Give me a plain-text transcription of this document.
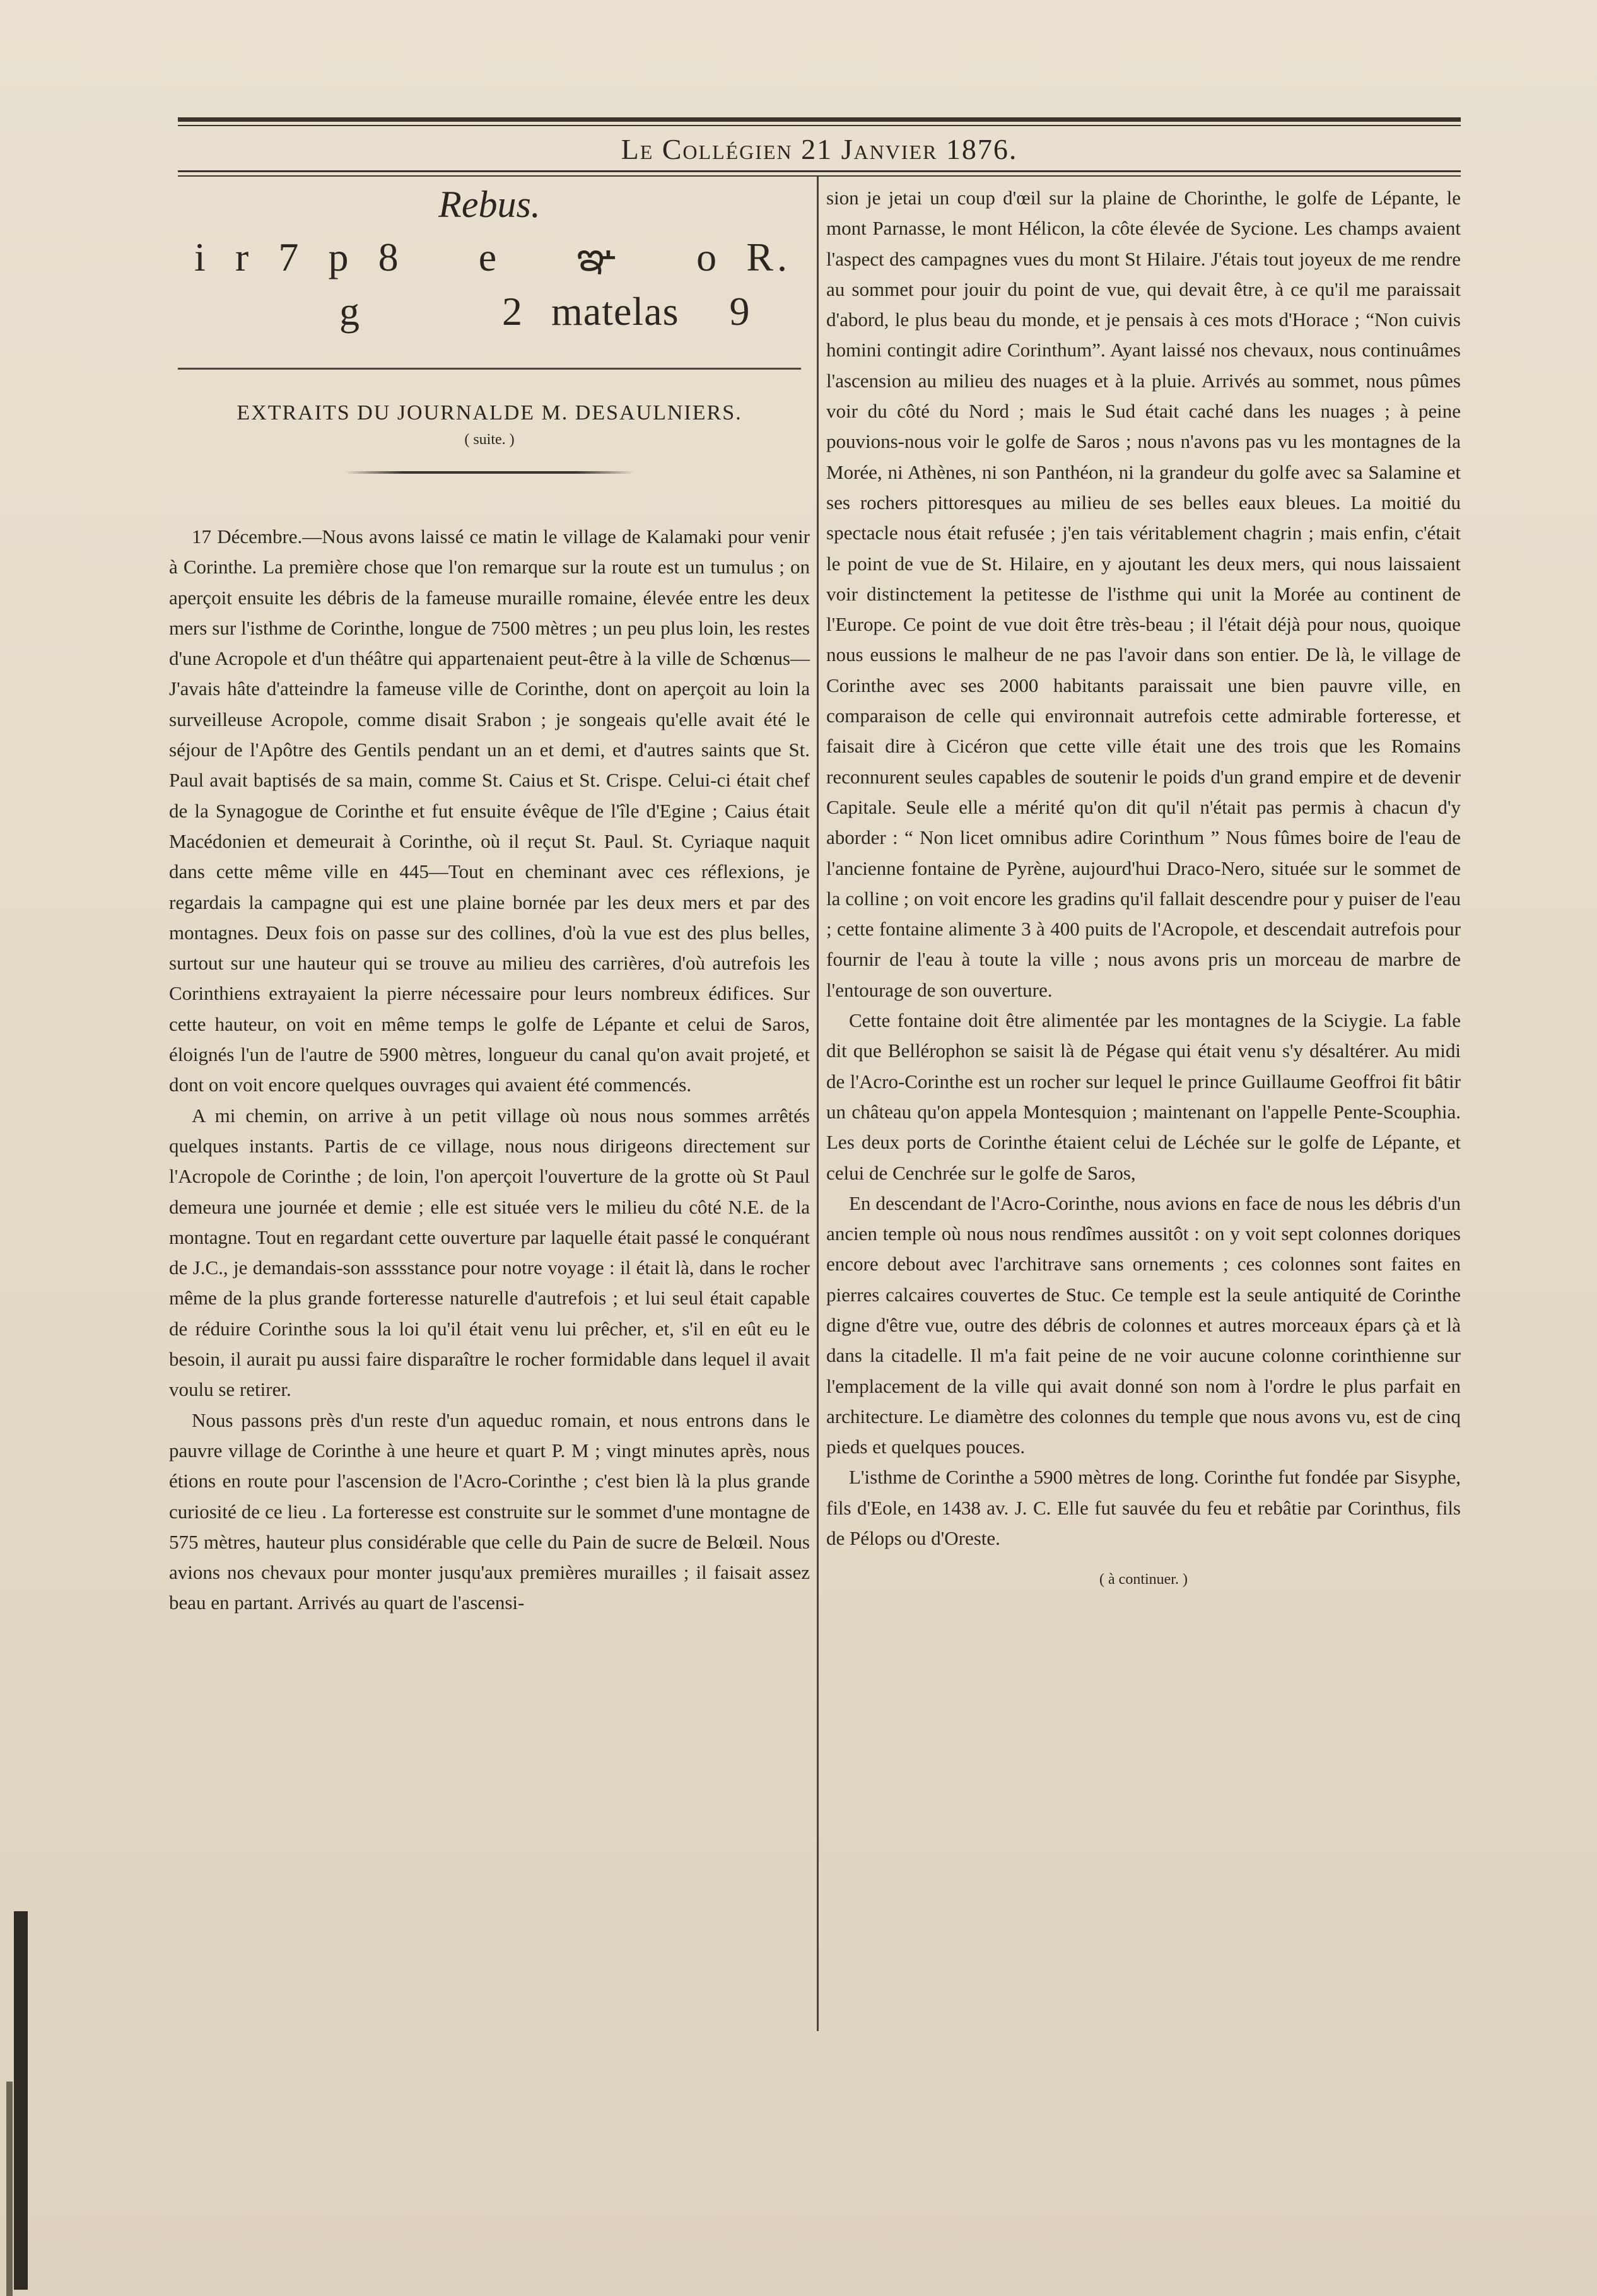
Le Collégien 21 Janvier 1876.
Rebus.
i r 7 p 8 e ఞ o R.
g	2 matelas 9
EXTRAITS DU JOURNALDE M. DESAULNIERS.
( suite. )

17 Décembre.—Nous avons laissé ce matin le village de Kalamaki pour venir à Corinthe. La première chose que l'on remarque sur la route est un tumulus ; on aperçoit ensuite les débris de la fameuse muraille romaine, élevée entre les deux mers sur l'isthme de Corinthe, longue de 7500 mètres ; un peu plus loin, les restes d'une Acropole et d'un théâtre qui appartenaient peut-être à la ville de Schœnus— J'avais hâte d'atteindre la fameuse ville de Corinthe, dont on aperçoit au loin la surveilleuse Acropole, comme disait Srabon ; je songeais qu'elle avait été le séjour de l'Apôtre des Gentils pendant un an et demi, et d'autres saints que St. Paul avait baptisés de sa main, comme St. Caius et St. Crispe. Celui-ci était chef de la Synagogue de Corinthe et fut ensuite évêque de l'île d'Egine ; Caius était Macédonien et demeurait à Corinthe, où il reçut St. Paul. St. Cyriaque naquit dans cette même ville en 445—Tout en cheminant avec ces réflexions, je regardais la campagne qui est une plaine bornée par les deux mers et par des montagnes. Deux fois on passe sur des collines, d'où la vue est des plus belles, surtout sur une hauteur qui se trouve au milieu des carrières, d'où autrefois les Corinthiens extrayaient la pierre nécessaire pour leurs nombreux édifices. Sur cette hauteur, on voit en même temps le golfe de Lépante et celui de Saros, éloignés l'un de l'autre de 5900 mètres, longueur du canal qu'on avait projeté, et dont on voit encore quelques ouvrages qui avaient été commencés.

A mi chemin, on arrive à un petit village où nous nous sommes arrêtés quelques instants. Partis de ce village, nous nous dirigeons directement sur l'Acropole de Corinthe ; de loin, l'on aperçoit l'ouverture de la grotte où St Paul demeura une journée et demie ; elle est située vers le milieu du côté N.E. de la montagne. Tout en regardant cette ouverture par laquelle était passé le conquérant de J.C., je demandais-son asssstance pour notre voyage : il était là, dans le rocher même de la plus grande forteresse naturelle d'autrefois ; et lui seul était capable de réduire Corinthe sous la loi qu'il était venu lui prêcher, et, s'il en eût eu le besoin, il aurait pu aussi faire disparaître le rocher formidable dans lequel il avait voulu se retirer.

Nous passons près d'un reste d'un aqueduc romain, et nous entrons dans le pauvre village de Corinthe à une heure et quart P. M ; vingt minutes après, nous étions en route pour l'ascension de l'Acro-Corinthe ; c'est bien là la plus grande curiosité de ce lieu . La forteresse est construite sur le sommet d'une montagne de 575 mètres, hauteur plus considérable que celle du Pain de sucre de Belœil. Nous avions nos chevaux pour monter jusqu'aux premières murailles ; il faisait assez beau en partant. Arrivés au quart de l'ascensi-

sion je jetai un coup d'œil sur la plaine de Chorinthe, le golfe de Lépante, le mont Parnasse, le mont Hélicon, la côte élevée de Sycione. Les champs avaient l'aspect des campagnes vues du mont St Hilaire. J'étais tout joyeux de me rendre au sommet pour jouir du point de vue, qui devait être, à ce qu'il me paraissait d'abord, le plus beau du monde, et je pensais à ces mots d'Horace ; “Non cuivis homini contingit adire Corinthum”. Ayant laissé nos chevaux, nous continuâmes l'ascension au milieu des nuages et à la pluie. Arrivés au sommet, nous pûmes voir du côté du Nord ; mais le Sud était caché dans les nuages ; à peine pouvions-nous voir le golfe de Saros ; nous n'avons pas vu les montagnes de la Morée, ni Athènes, ni son Panthéon, ni la grandeur du golfe avec sa Salamine et ses rochers pittoresques au milieu de ses belles eaux bleues. La moitié du spectacle nous était refusée ; j'en tais véritablement chagrin ; mais enfin, c'était le point de vue de St. Hilaire, en y ajoutant les deux mers, qui nous laissaient voir distinctement la petitesse de l'isthme qui unit la Morée au continent de l'Europe. Ce point de vue doit être très-beau ; il l'était déjà pour nous, quoique nous eussions le malheur de ne pas l'avoir dans son entier. De là, le village de Corinthe avec ses 2000 habitants paraissait une bien pauvre ville, en comparaison de celle qui environnait autrefois cette admirable forteresse, et faisait dire à Cicéron que cette ville était une des trois que les Romains reconnurent seules capables de soutenir le poids d'un grand empire et de devenir Capitale. Seule elle a mérité qu'on dit qu'il n'était pas permis à chacun d'y aborder : “ Non licet omnibus adire Corinthum ” Nous fûmes boire de l'eau de l'ancienne fontaine de Pyrène, aujourd'hui Draco-Nero, située sur le sommet de la colline ; on voit encore les gradins qu'il fallait descendre pour y puiser de l'eau ; cette fontaine alimente 3 à 400 puits de l'Acropole, et descendait autrefois pour fournir de l'eau à toute la ville ; nous avons pris un morceau de marbre de l'entourage de son ouverture.

Cette fontaine doit être alimentée par les montagnes de la Sciygie. La fable dit que Bellérophon se saisit là de Pégase qui était venu s'y désaltérer. Au midi de l'Acro-Corinthe est un rocher sur lequel le prince Guillaume Geoffroi fit bâtir un château qu'on appela Montesquion ; maintenant on l'appelle Pente-Scouphia. Les deux ports de Corinthe étaient celui de Léchée sur le golfe de Lépante, et celui de Cenchrée sur le golfe de Saros,

En descendant de l'Acro-Corinthe, nous avions en face de nous les débris d'un ancien temple où nous nous rendîmes aussitôt : on y voit sept colonnes doriques encore debout avec l'architrave sans ornements ; ces colonnes sont faites en pierres calcaires couvertes de Stuc. Ce temple est la seule antiquité de Corinthe digne d'être vue, outre des débris de colonnes et autres morceaux épars çà et là dans la citadelle. Il m'a fait peine de ne voir aucune colonne corinthienne sur l'emplacement de la ville qui avait donné son nom à l'ordre le plus parfait en architecture. Le diamètre des colonnes du temple que nous avons vu, est de cinq pieds et quelques pouces.

L'isthme de Corinthe a 5900 mètres de long. Corinthe fut fondée par Sisyphe, fils d'Eole, en 1438 av. J. C. Elle fut sauvée du feu et rebâtie par Corinthus, fils de Pélops ou d'Oreste.

( à continuer. )
